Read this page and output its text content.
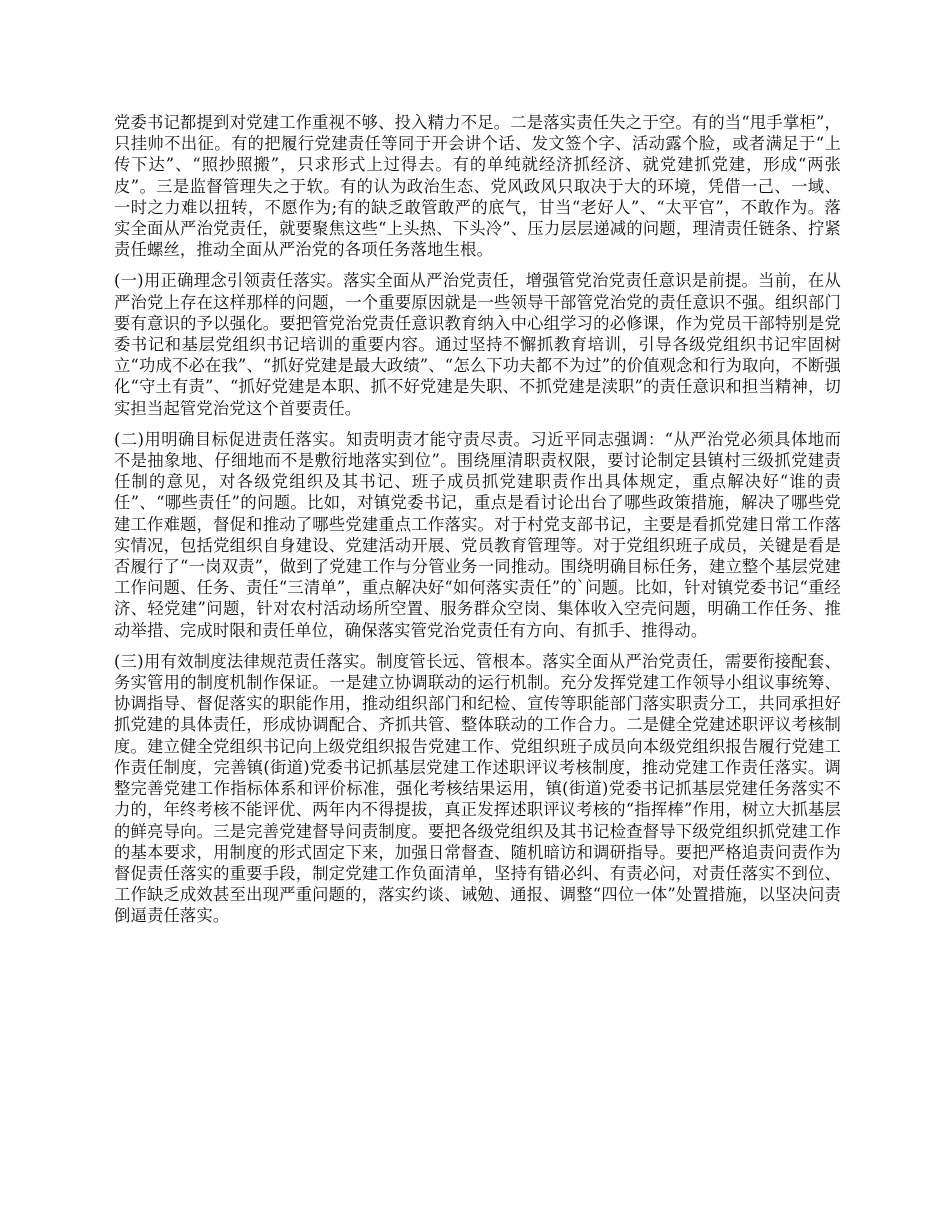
党委书记都提到对党建工作重视不够、投入精力不足。二是落实责任失之于空。有的当“甩手掌柜”，只挂帅不出征。有的把履行党建责任等同于开会讲个话、发文签个字、活动露个脸，或者满足于“上传下达”、“照抄照搬”，只求形式上过得去。有的单纯就经济抓经济、就党建抓党建，形成“两张皮”。三是监督管理失之于软。有的认为政治生态、党风政风只取决于大的环境，凭借一己、一域、一时之力难以扭转，不愿作为;有的缺乏敢管敢严的底气，甘当“老好人”、“太平官”，不敢作为。落实全面从严治党责任，就要聚焦这些“上头热、下头冷”、压力层层递减的问题，理清责任链条、拧紧责任螺丝，推动全面从严治党的各项任务落地生根。

(一)用正确理念引领责任落实。落实全面从严治党责任，增强管党治党责任意识是前提。当前，在从严治党上存在这样那样的问题，一个重要原因就是一些领导干部管党治党的责任意识不强。组织部门要有意识的予以强化。要把管党治党责任意识教育纳入中心组学习的必修课，作为党员干部特别是党委书记和基层党组织书记培训的重要内容。通过坚持不懈抓教育培训，引导各级党组织书记牢固树立“功成不必在我”、“抓好党建是最大政绩”、“怎么下功夫都不为过”的价值观念和行为取向，不断强化“守土有责”、“抓好党建是本职、抓不好党建是失职、不抓党建是渎职”的责任意识和担当精神，切实担当起管党治党这个首要责任。

(二)用明确目标促进责任落实。知责明责才能守责尽责。习近平同志强调：“从严治党必须具体地而不是抽象地、仔细地而不是敷衍地落实到位”。围绕厘清职责权限，要讨论制定县镇村三级抓党建责任制的意见，对各级党组织及其书记、班子成员抓党建职责作出具体规定，重点解决好“谁的责任”、“哪些责任”的问题。比如，对镇党委书记，重点是看讨论出台了哪些政策措施，解决了哪些党建工作难题，督促和推动了哪些党建重点工作落实。对于村党支部书记，主要是看抓党建日常工作落实情况，包括党组织自身建设、党建活动开展、党员教育管理等。对于党组织班子成员，关键是看是否履行了“一岗双责”，做到了党建工作与分管业务一同推动。围绕明确目标任务，建立整个基层党建工作问题、任务、责任“三清单”，重点解决好“如何落实责任”的`问题。比如，针对镇党委书记“重经济、轻党建”问题，针对农村活动场所空置、服务群众空岗、集体收入空壳问题，明确工作任务、推动举措、完成时限和责任单位，确保落实管党治党责任有方向、有抓手、推得动。

(三)用有效制度法律规范责任落实。制度管长远、管根本。落实全面从严治党责任，需要衔接配套、务实管用的制度机制作保证。一是建立协调联动的运行机制。充分发挥党建工作领导小组议事统筹、协调指导、督促落实的职能作用，推动组织部门和纪检、宣传等职能部门落实职责分工，共同承担好抓党建的具体责任，形成协调配合、齐抓共管、整体联动的工作合力。二是健全党建述职评议考核制度。建立健全党组织书记向上级党组织报告党建工作、党组织班子成员向本级党组织报告履行党建工作责任制度，完善镇(街道)党委书记抓基层党建工作述职评议考核制度，推动党建工作责任落实。调整完善党建工作指标体系和评价标准，强化考核结果运用，镇(街道)党委书记抓基层党建任务落实不力的，年终考核不能评优、两年内不得提拔，真正发挥述职评议考核的“指挥棒”作用，树立大抓基层的鲜亮导向。三是完善党建督导问责制度。要把各级党组织及其书记检查督导下级党组织抓党建工作的基本要求，用制度的形式固定下来，加强日常督查、随机暗访和调研指导。要把严格追责问责作为督促责任落实的重要手段，制定党建工作负面清单，坚持有错必纠、有责必问，对责任落实不到位、工作缺乏成效甚至出现严重问题的，落实约谈、诫勉、通报、调整“四位一体”处置措施，以坚决问责倒逼责任落实。
